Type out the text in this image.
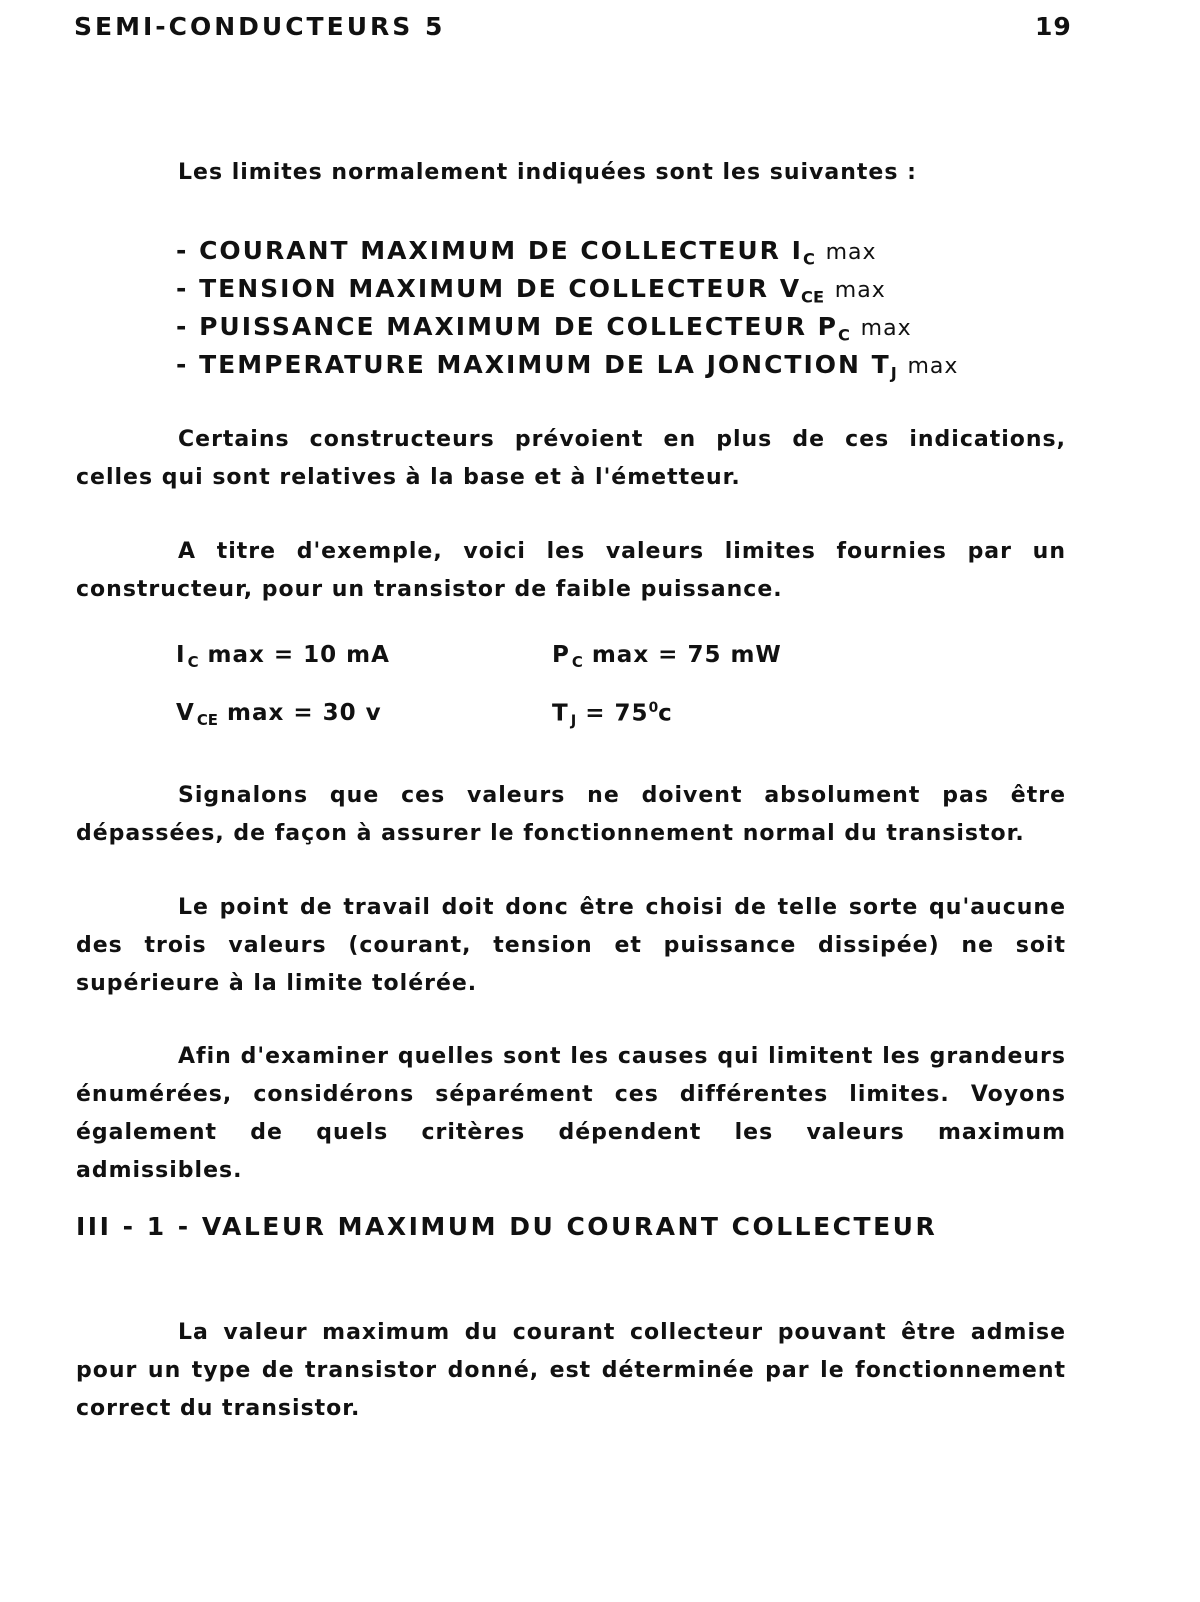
SEMI-CONDUCTEURS 5	19
Les limites normalement indiquées sont les suivantes :
- COURANT MAXIMUM DE COLLECTEUR $I_C$ max
- TENSION MAXIMUM DE COLLECTEUR $V_{CE}$ max
- PUISSANCE MAXIMUM DE COLLECTEUR $P_C$ max
- TEMPERATURE MAXIMUM DE LA JONCTION $T_J$ max

Certains constructeurs prévoient en plus de ces indications, celles qui sont relatives à la base et à l'émetteur.

A titre d'exemple, voici les valeurs limites fournies par un constructeur, pour un transistor de faible puissance.

$I_C$ max = 10 mA	$P_C$ max = 75 mW
$V_{CE}$ max = 30 v	$T_J = 75^0c$

Signalons que ces valeurs ne doivent absolument pas être dépassées, de façon à assurer le fonctionnement normal du transistor.

Le point de travail doit donc être choisi de telle sorte qu'aucune des trois valeurs (courant, tension et puissance dissipée) ne soit supérieure à la limite tolérée.

Afin d'examiner quelles sont les causes qui limitent les grandeurs énumérées, considérons séparément ces différentes limites. Voyons également de quels critères dépendent les valeurs maximum admissibles.

III - 1 - VALEUR MAXIMUM DU COURANT COLLECTEUR

La valeur maximum du courant collecteur pouvant être admise pour un type de transistor donné, est déterminée par le fonctionnement correct du transistor.
